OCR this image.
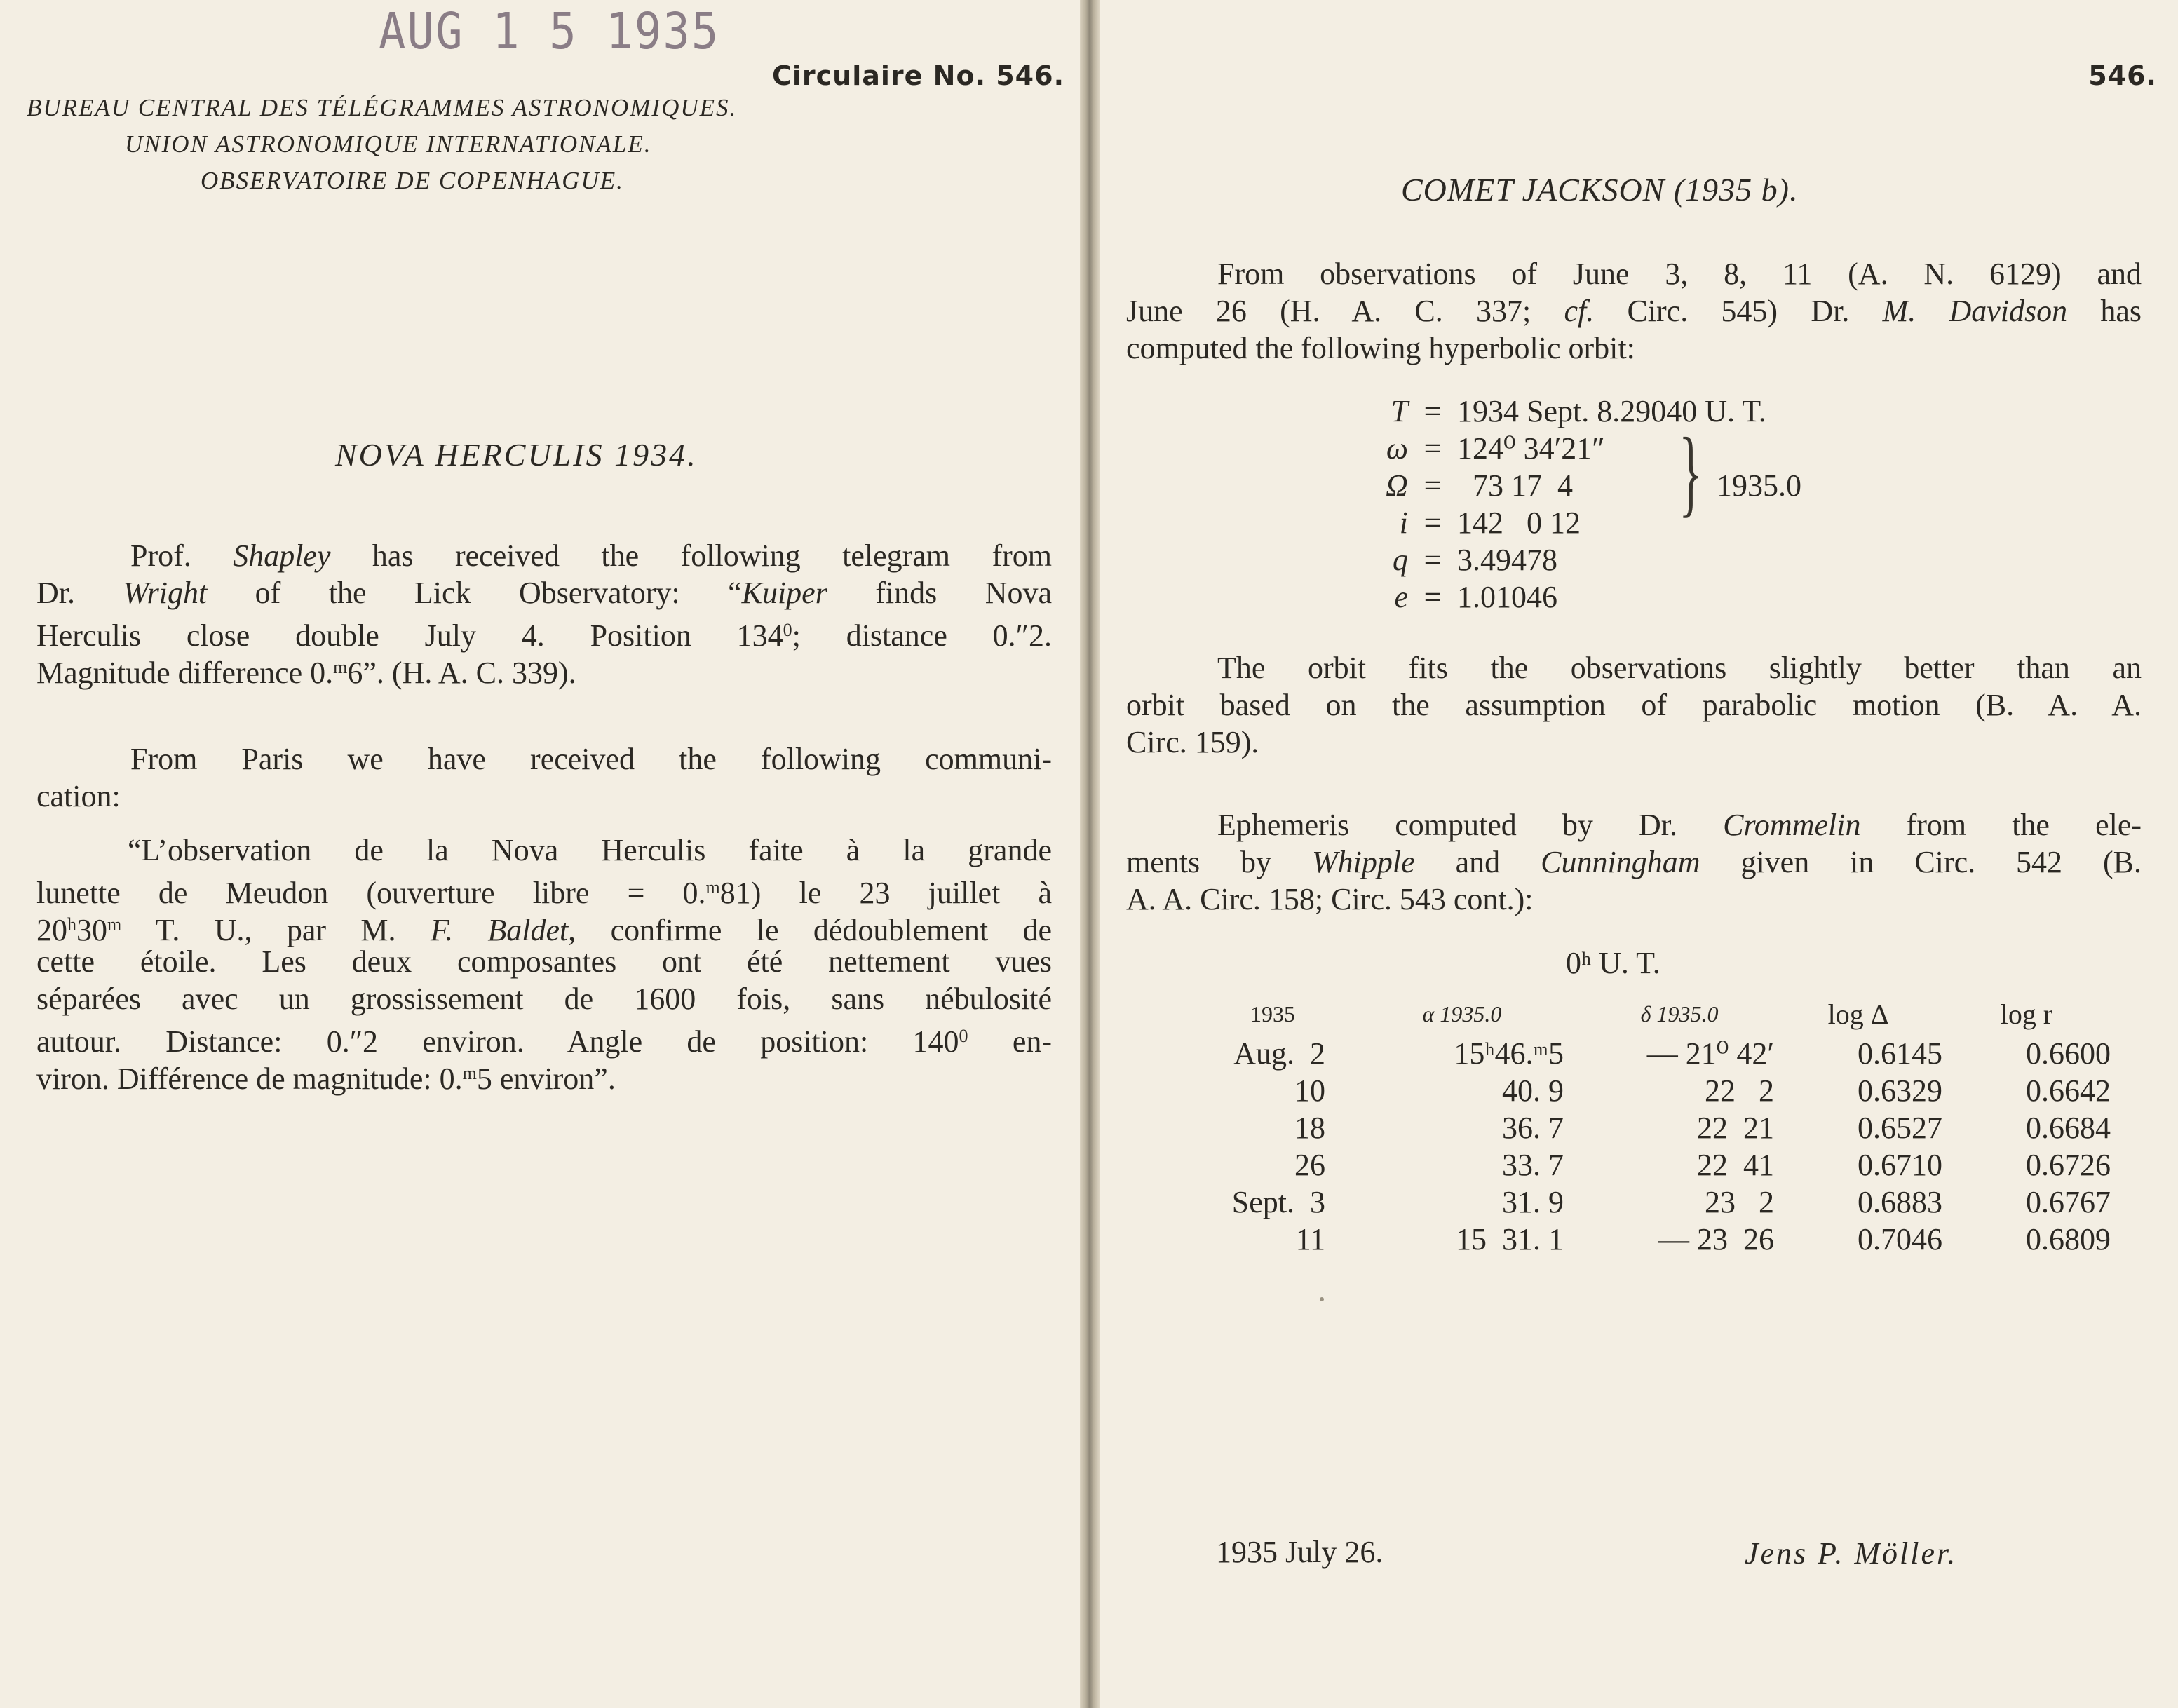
AUG 1 5 1935
Circulaire No. 546.
BUREAU CENTRAL DES TÉLÉGRAMMES ASTRONOMIQUES.
UNION ASTRONOMIQUE INTERNATIONALE.
OBSERVATOIRE DE COPENHAGUE.
NOVA HERCULIS 1934.
Prof. Shapley has received the following telegram from
Dr. Wright of the Lick Observatory: “Kuiper finds Nova
Herculis close double July 4. Position $134^0$; distance 0.″2.
Magnitude difference 0.$^m$6”. (H. A. C. 339).
From Paris we have received the following communi-
cation:
“L’observation de la Nova Herculis faite à la grande
lunette de Meudon (ouverture libre = 0.$^m$81) le 23 juillet à
20$^h$30$^m$ T. U., par M. F. Baldet, confirme le dédoublement de
cette étoile. Les deux composantes ont été nettement vues
séparées avec un grossissement de 1600 fois, sans nébulosité
autour. Distance: 0.″2 environ. Angle de position: $140^0$ en-
viron. Différence de magnitude: 0.$^m$5 environ”.
546.
COMET JACKSON (1935 b).
From observations of June 3, 8, 11 (A. N. 6129) and
June 26 (H. A. C. 337; cf. Circ. 545) Dr. M. Davidson has
computed the following hyperbolic orbit:
T = 1934 Sept. 8.29040 U. T.
ω = 124⁰ 34′21″
Ω =  73 17  4
i = 142   0 12
q = 3.49478
e = 1.01046
} 1935.0
The orbit fits the observations slightly better than an
orbit based on the assumption of parabolic motion (B. A. A.
Circ. 159).
Ephemeris computed by Dr. Crommelin from the ele-
ments by Whipple and Cunningham given in Circ. 542 (B.
A. A. Circ. 158; Circ. 543 cont.):
0ʰ U. T.
1935	α 1935.0	δ 1935.0	log Δ	log r
Aug.  2	15ʰ46.ᵐ5	— 21⁰ 42′	0.6145	0.6600
10	40. 9	22   2	0.6329	0.6642
18	36. 7	22  21	0.6527	0.6684
26	33. 7	22  41	0.6710	0.6726
Sept.  3	31. 9	23   2	0.6883	0.6767
11	15  31. 1	— 23  26	0.7046	0.6809
1935 July 26.	Jens P. Möller.
